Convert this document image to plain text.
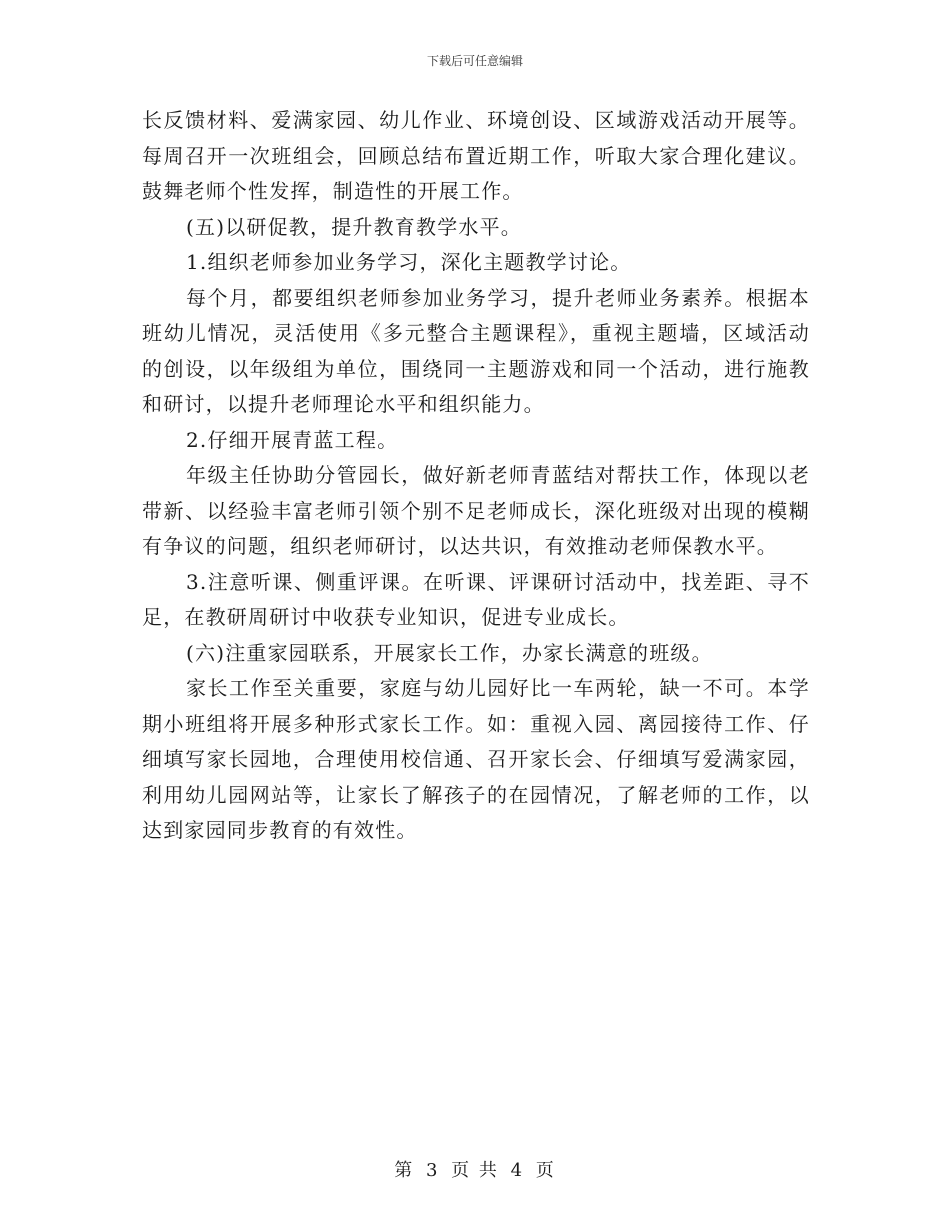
下载后可任意编辑

长反馈材料、爱满家园、幼儿作业、环境创设、区域游戏活动开展等。每周召开一次班组会，回顾总结布置近期工作，听取大家合理化建议。鼓舞老师个性发挥，制造性的开展工作。

(五)以研促教，提升教育教学水平。

1.组织老师参加业务学习，深化主题教学讨论。

每个月，都要组织老师参加业务学习，提升老师业务素养。根据本班幼儿情况，灵活使用《多元整合主题课程》，重视主题墙，区域活动的创设，以年级组为单位，围绕同一主题游戏和同一个活动，进行施教和研讨，以提升老师理论水平和组织能力。

2.仔细开展青蓝工程。

年级主任协助分管园长，做好新老师青蓝结对帮扶工作，体现以老带新、以经验丰富老师引领个别不足老师成长，深化班级对出现的模糊有争议的问题，组织老师研讨，以达共识，有效推动老师保教水平。

3.注意听课、侧重评课。在听课、评课研讨活动中，找差距、寻不足，在教研周研讨中收获专业知识，促进专业成长。

(六)注重家园联系，开展家长工作，办家长满意的班级。

家长工作至关重要，家庭与幼儿园好比一车两轮，缺一不可。本学期小班组将开展多种形式家长工作。如：重视入园、离园接待工作、仔细填写家长园地，合理使用校信通、召开家长会、仔细填写爱满家园，利用幼儿园网站等，让家长了解孩子的在园情况，了解老师的工作，以达到家园同步教育的有效性。

第 3 页 共 4 页
